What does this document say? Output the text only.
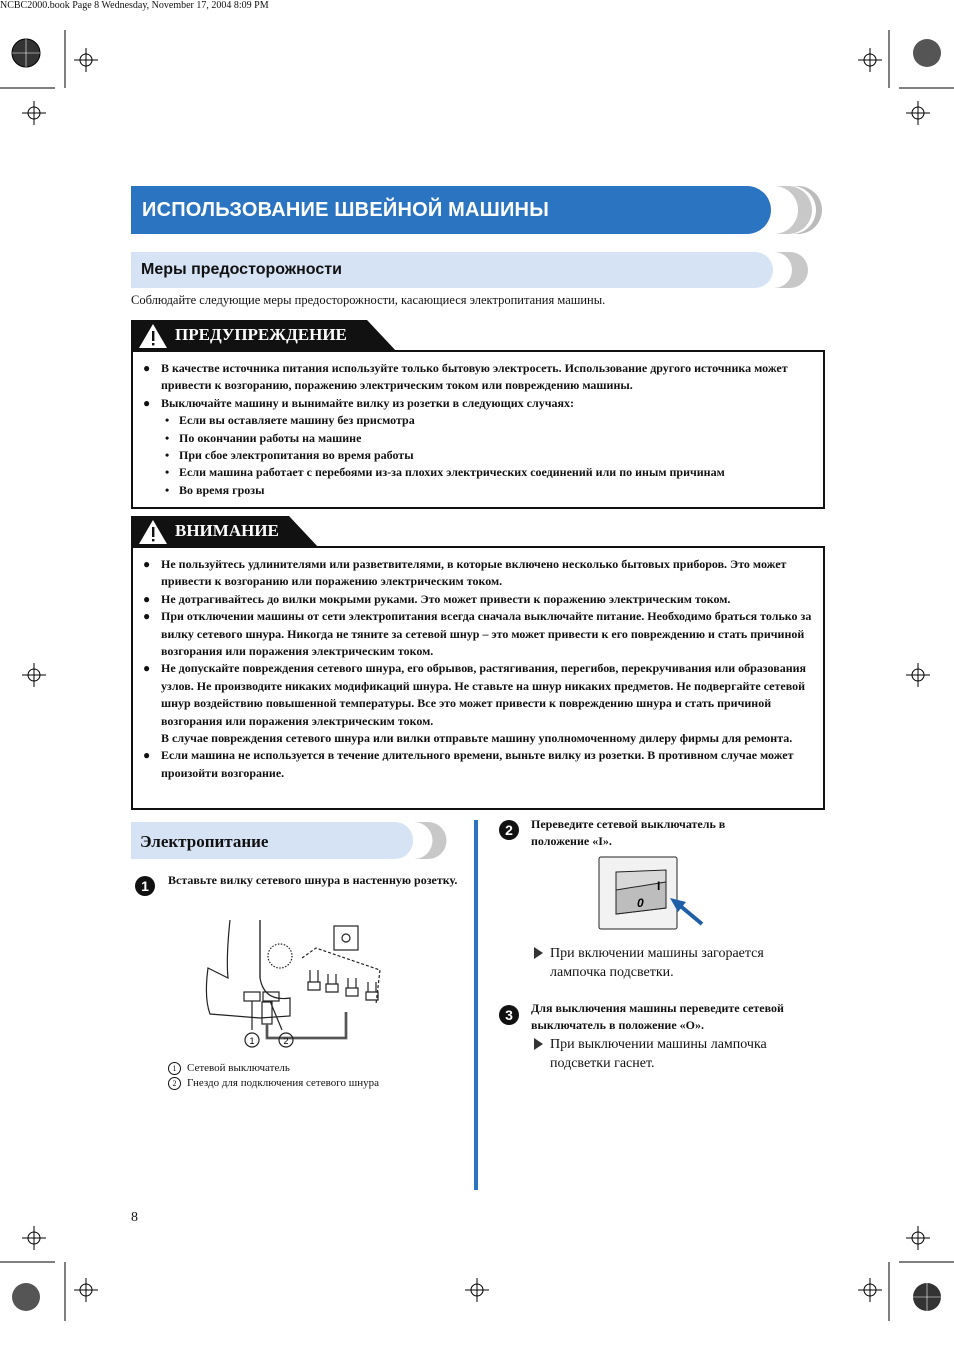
NCBC2000.book Page 8 Wednesday, November 17, 2004 8:09 PM
ИСПОЛЬЗОВАНИЕ ШВЕЙНОЙ МАШИНЫ
Меры предосторожности
Соблюдайте следующие меры предосторожности, касающиеся электропитания машины.
● В качестве источника питания используйте только бытовую электросеть. Использование другого источника может привести к возгоранию, поражению электрическим током или повреждению машины.
● Выключайте машину и вынимайте вилку из розетки в следующих случаях:
• Если вы оставляете машину без присмотра
• По окончании работы на машине
• При сбое электропитания во время работы
• Если машина работает с перебоями из-за плохих электрических соединений или по иным причинам
• Во время грозы
ПРЕДУПРЕЖДЕНИЕ
● Не пользуйтесь удлинителями или разветвителями, в которые включено несколько бытовых приборов. Это может привести к возгоранию или поражению электрическим током.
● Не дотрагивайтесь до вилки мокрыми руками. Это может привести к поражению электрическим током.
● При отключении машины от сети электропитания всегда сначала выключайте питание. Необходимо браться только за вилку сетевого шнура. Никогда не тяните за сетевой шнур – это может привести к его повреждению и стать причиной возгорания или поражения электрическим током.
● Не допускайте повреждения сетевого шнура, его обрывов, растягивания, перегибов, перекручивания или образования узлов. Не производите никаких модификаций шнура. Не ставьте на шнур никаких предметов. Не подвергайте сетевой шнур воздействию повышенной температуры. Все это может привести к повреждению шнура и стать причиной возгорания или поражения электрическим током.
В случае повреждения сетевого шнура или вилки отправьте машину уполномоченному дилеру фирмы для ремонта.
● Если машина не используется в течение длительного времени, выньте вилку из розетки. В противном случае может произойти возгорание.
ВНИМАНИЕ
Электропитание
1	Вставьте вилку сетевого шнура в настенную розетку.
1	2
1 Сетевой выключатель
2 Гнездо для подключения сетевого шнура
2	Переведите сетевой выключатель в положение «I».
I
0
При включении машины загорается лампочка подсветки.
3	Для выключения машины переведите сетевой выключатель в положение «O».
При выключении машины лампочка подсветки гаснет.
8
